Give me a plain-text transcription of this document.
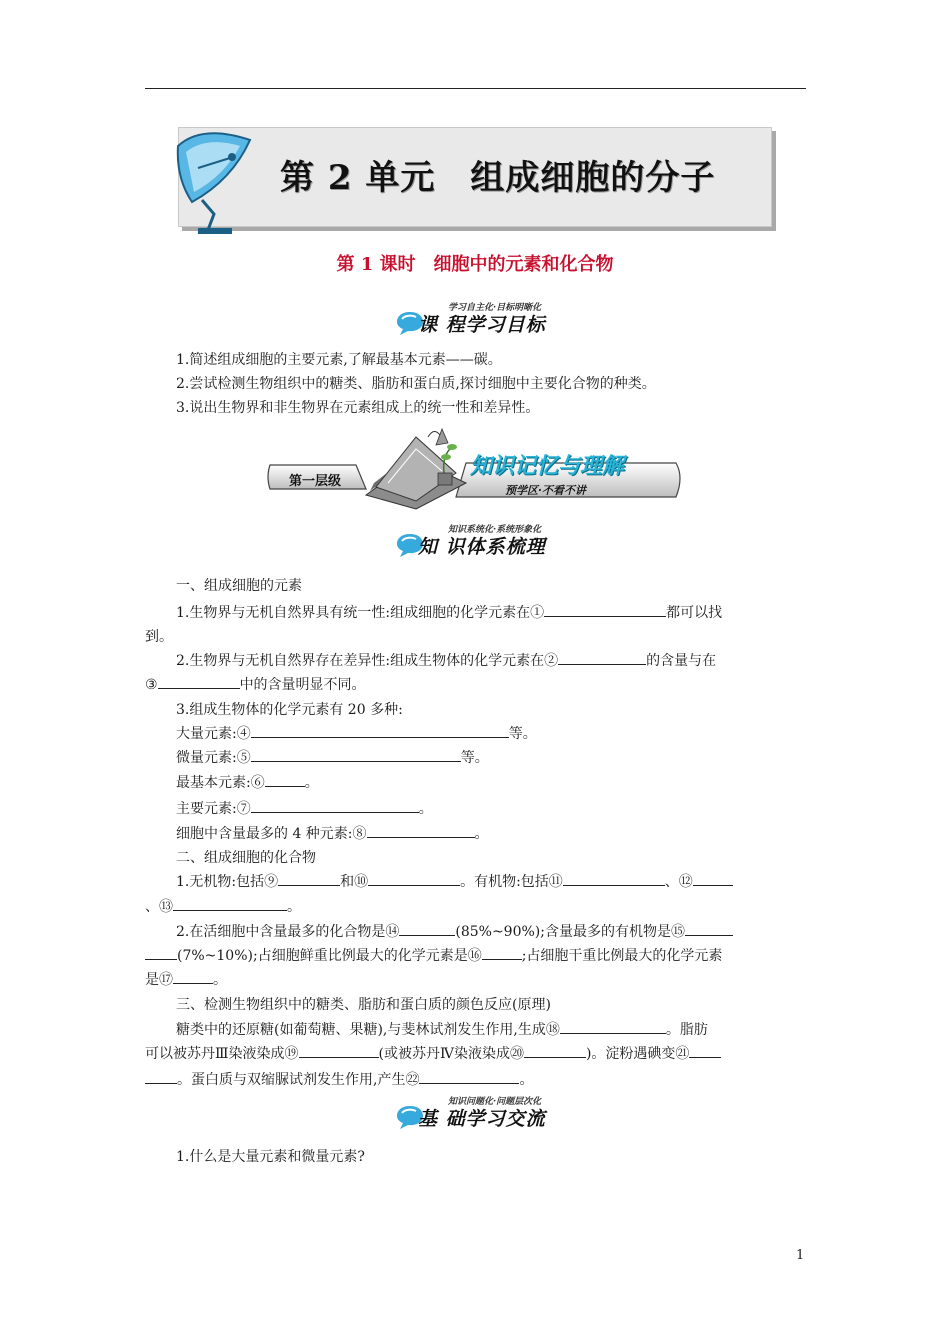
第 2 单元　组成细胞的分子
第 1 课时　细胞中的元素和化合物
学习自主化·目标明晰化
课 程学习目标
1.简述组成细胞的主要元素,了解最基本元素——碳。
2.尝试检测生物组织中的糖类、脂肪和蛋白质,探讨细胞中主要化合物的种类。
3.说出生物界和非生物界在元素组成上的统一性和差异性。
第一层级
知识记忆与理解
预学区·不看不讲
知识系统化·系统形象化
知 识体系梳理
一、组成细胞的元素
1.生物界与无机自然界具有统一性:组成细胞的化学元素在①	都可以找
到。
2.生物界与无机自然界存在差异性:组成生物体的化学元素在②	的含量与在
③	中的含量明显不同。
3.组成生物体的化学元素有 20 多种:
大量元素:④	等。
微量元素:⑤	等。
最基本元素:⑥	。
主要元素:⑦	。
细胞中含量最多的 4 种元素:⑧	。
二、组成细胞的化合物
1.无机物:包括⑨	和⑩	。有机物:包括⑪	、⑫
、⑬	。
2.在活细胞中含量最多的化合物是⑭	(85%~90%);含量最多的有机物是⑮
(7%~10%);占细胞鲜重比例最大的化学元素是⑯	;占细胞干重比例最大的化学元素
是⑰	。
三、检测生物组织中的糖类、脂肪和蛋白质的颜色反应(原理)
糖类中的还原糖(如葡萄糖、果糖),与斐林试剂发生作用,生成⑱	。脂肪
可以被苏丹Ⅲ染液染成⑲	(或被苏丹Ⅳ染液染成⑳	)。淀粉遇碘变㉑
。蛋白质与双缩脲试剂发生作用,产生㉒	。
知识问题化·问题层次化
基 础学习交流
1.什么是大量元素和微量元素?
1
